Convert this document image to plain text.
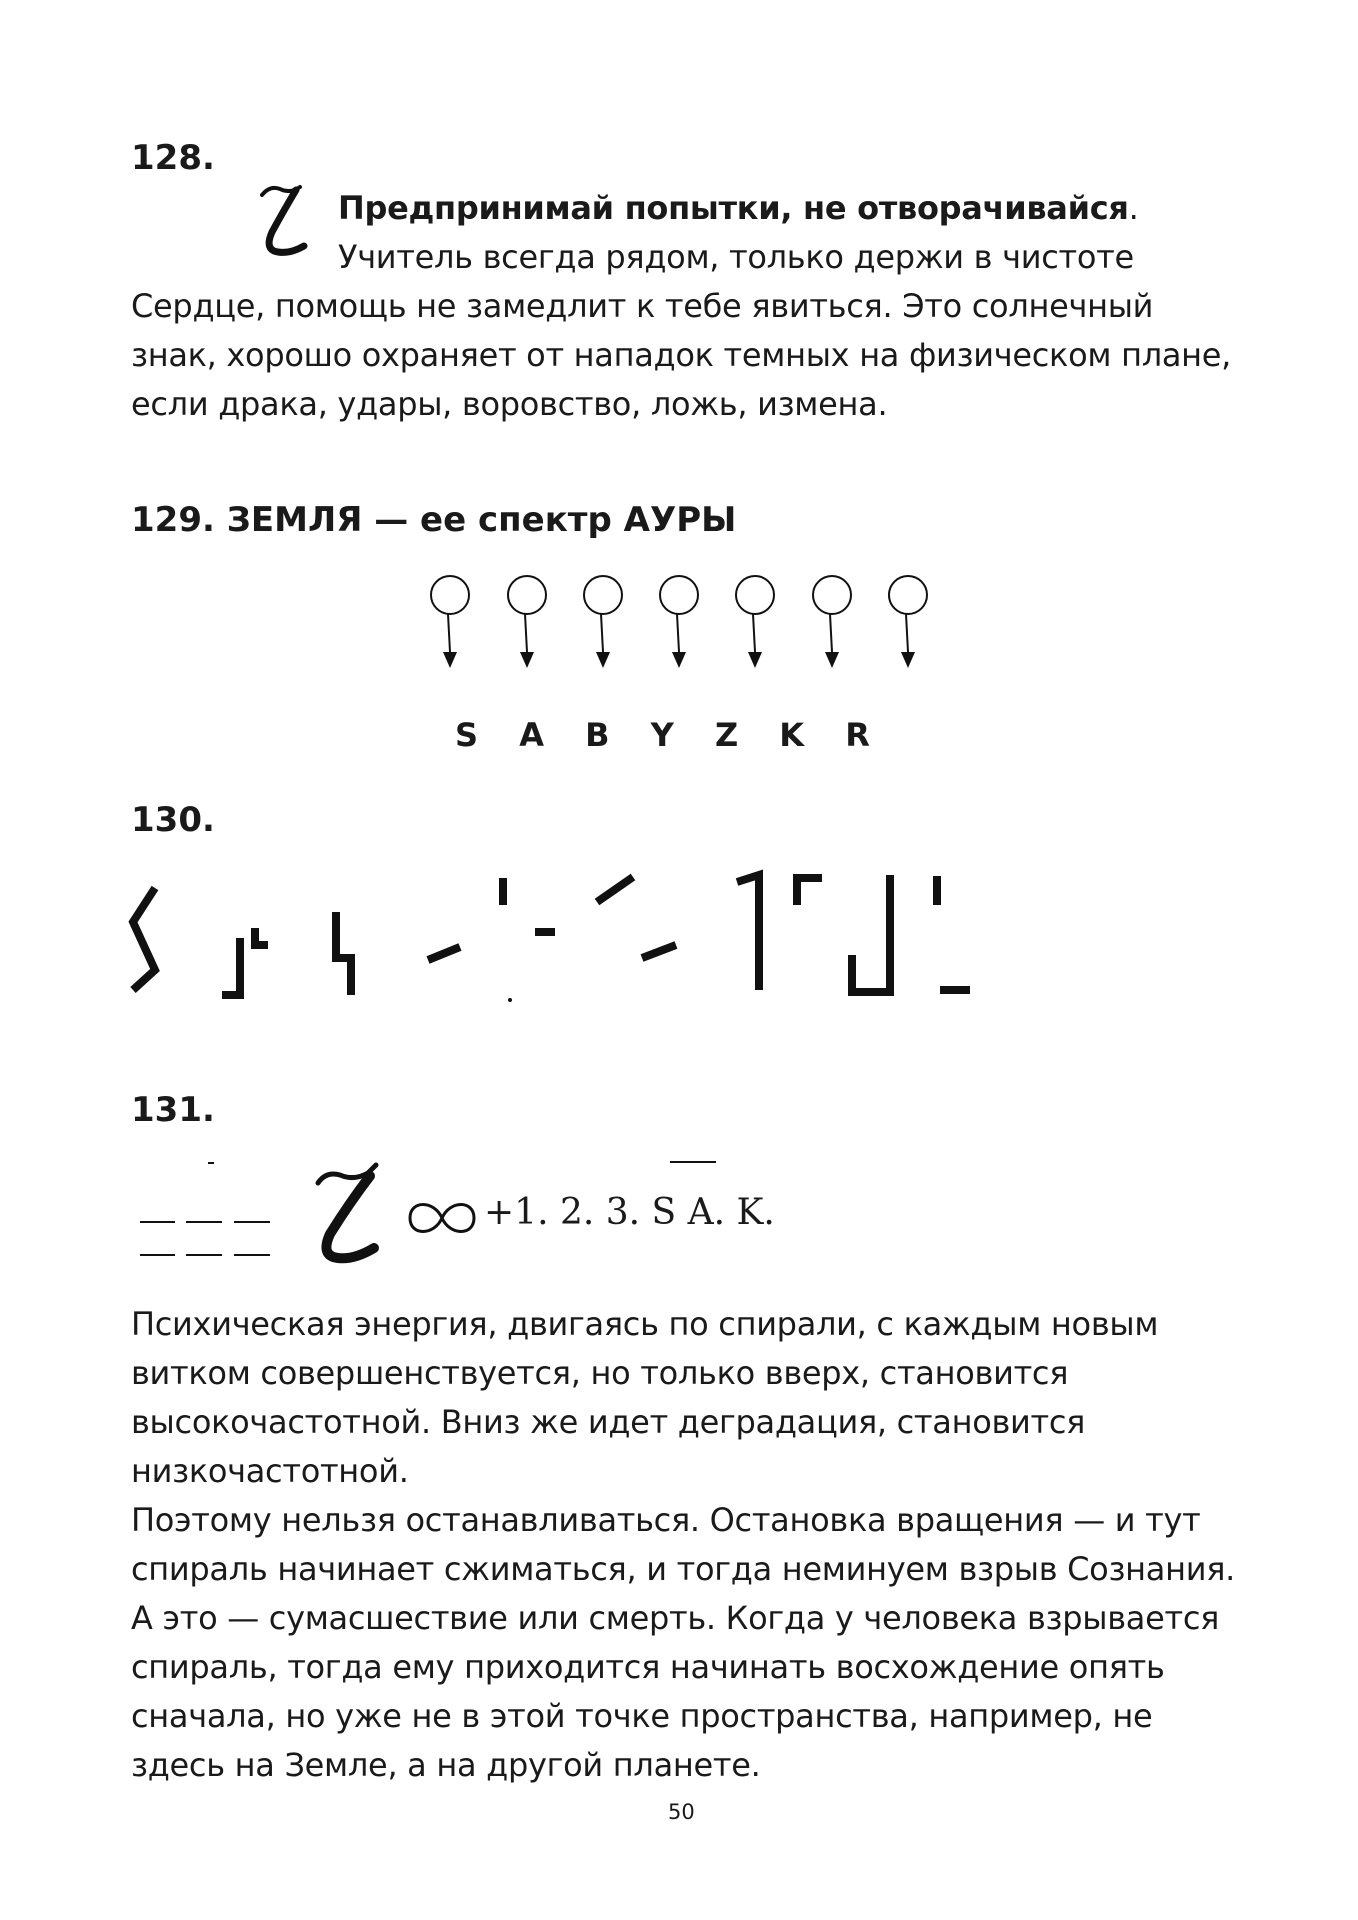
128.
Предпринимай попытки, не отворачивайся.
Учитель всегда рядом, только держи в чистоте
Сердце, помощь не замедлит к тебе явиться. Это солнечный
знак, хорошо охраняет от нападок темных на физическом плане,
если драка, удары, воровство, ложь, измена.
129. ЗЕМЛЯ — ее спектр АУРЫ
S A B Y Z K R
130.
131.
+1. 2. 3. S A. K.
Психическая энергия, двигаясь по спирали, с каждым новым
витком совершенствуется, но только вверх, становится
высокочастотной. Вниз же идет деградация, становится
низкочастотной.
Поэтому нельзя останавливаться. Остановка вращения — и тут
спираль начинает сжиматься, и тогда неминуем взрыв Сознания.
А это — сумасшествие или смерть. Когда у человека взрывается
спираль, тогда ему приходится начинать восхождение опять
сначала, но уже не в этой точке пространства, например, не
здесь на Земле, а на другой планете.
50
